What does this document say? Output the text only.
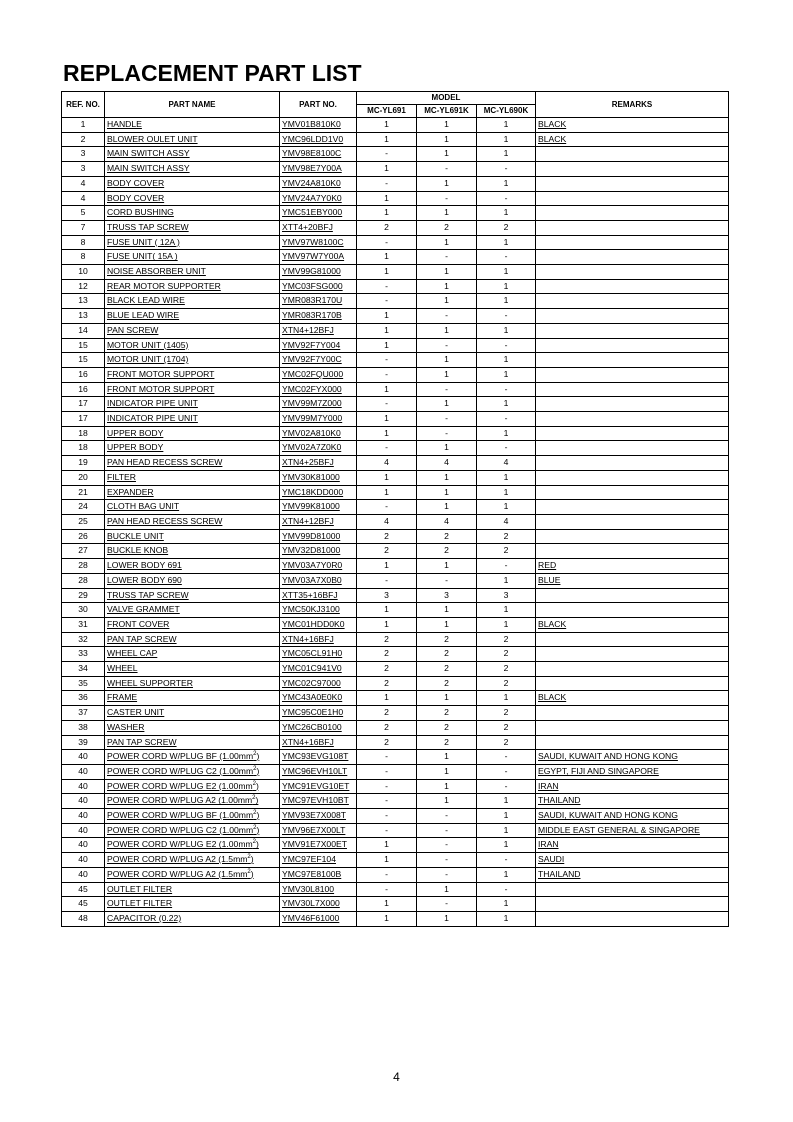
REPLACEMENT PART LIST
REF. NO.	PART NAME	PART NO.	MODEL			REMARKS
			MC-YL691	MC-YL691K	MC-YL690K	
1	HANDLE	YMV01B810K0	1	1	1	BLACK
2	BLOWER OULET UNIT	YMC96LDD1V0	1	1	1	BLACK
3	MAIN SWITCH ASSY	YMV98E8100C	-	1	1	
3	MAIN SWITCH ASSY	YMV98E7Y00A	1	-	-	
4	BODY COVER	YMV24A810K0	-	1	1	
4	BODY COVER	YMV24A7Y0K0	1	-	-	
5	CORD BUSHING	YMC51EBY000	1	1	1	
7	TRUSS TAP SCREW	XTT4+20BFJ	2	2	2	
8	FUSE UNIT ( 12A )	YMV97W8100C	-	1	1	
8	FUSE UNIT( 15A )	YMV97W7Y00A	1	-	-	
10	NOISE ABSORBER UNIT	YMV99G81000	1	1	1	
12	REAR MOTOR SUPPORTER	YMC03FSG000	-	1	1	
13	BLACK LEAD WIRE	YMR083R170U	-	1	1	
13	BLUE LEAD WIRE	YMR083R170B	1	-	-	
14	PAN SCREW	XTN4+12BFJ	1	1	1	
15	MOTOR UNIT (1405)	YMV92F7Y004	1	-	-	
15	MOTOR UNIT (1704)	YMV92F7Y00C	-	1	1	
16	FRONT MOTOR SUPPORT	YMC02FQU000	-	1	1	
16	FRONT MOTOR SUPPORT	YMC02FYX000	1	-	-	
17	INDICATOR PIPE UNIT	YMV99M7Z000	-	1	1	
17	INDICATOR PIPE UNIT	YMV99M7Y000	1	-	-	
18	UPPER BODY	YMV02A810K0	1	-	1	
18	UPPER BODY	YMV02A7Z0K0	-	1	-	
19	PAN HEAD RECESS SCREW	XTN4+25BFJ	4	4	4	
20	FILTER	YMV30K81000	1	1	1	
21	EXPANDER	YMC18KDD000	1	1	1	
24	CLOTH BAG UNIT	YMV99K81000	-	1	1	
25	PAN HEAD RECESS SCREW	XTN4+12BFJ	4	4	4	
26	BUCKLE UNIT	YMV99D81000	2	2	2	
27	BUCKLE KNOB	YMV32D81000	2	2	2	
28	LOWER BODY 691	YMV03A7Y0R0	1	1	-	RED
28	LOWER BODY 690	YMV03A7X0B0	-	-	1	BLUE
29	TRUSS TAP SCREW	XTT35+16BFJ	3	3	3	
30	VALVE GRAMMET	YMC50KJ3100	1	1	1	
31	FRONT COVER	YMC01HDD0K0	1	1	1	BLACK
32	PAN TAP SCREW	XTN4+16BFJ	2	2	2	
33	WHEEL CAP	YMC05CL91H0	2	2	2	
34	WHEEL	YMC01C941V0	2	2	2	
35	WHEEL SUPPORTER	YMC02C97000	2	2	2	
36	FRAME	YMC43A0E0K0	1	1	1	BLACK
37	CASTER UNIT	YMC95C0E1H0	2	2	2	
38	WASHER	YMC26CB0100	2	2	2	
39	PAN TAP SCREW	XTN4+16BFJ	2	2	2	
40	POWER CORD W/PLUG BF $(1.00mm^2)$	YMC93EVG108T	-	1	-	SAUDI, KUWAIT AND HONG KONG
40	POWER CORD W/PLUG C2 $(1.00mm^2)$	YMC96EVH10LT	-	1	-	EGYPT, FIJI AND SINGAPORE
40	POWER CORD W/PLUG E2 $(1.00mm^2)$	YMC91EVG10ET	-	1	-	IRAN
40	POWER CORD W/PLUG A2 $(1.00mm^2)$	YMC97EVH10BT	-	1	1	THAILAND
40	POWER CORD W/PLUG BF $(1.00mm^2)$	YMV93E7X008T	-	-	1	SAUDI, KUWAIT AND HONG KONG
40	POWER CORD W/PLUG C2 $(1.00mm^2)$	YMV96E7X00LT	-	-	1	MIDDLE EAST GENERAL & SINGAPORE
40	POWER CORD W/PLUG E2 $(1.00mm^2)$	YMV91E7X00ET	1	-	1	IRAN
40	POWER CORD W/PLUG A2 $(1.5mm^2)$	YMC97EF104	1	-	-	SAUDI
40	POWER CORD W/PLUG A2 $(1.5mm^2)$	YMC97E8100B	-	-	1	THAILAND
45	OUTLET FILTER	YMV30L8100	-	1	-	
45	OUTLET FILTER	YMV30L7X000	1	-	1	
48	CAPACITOR (0.22)	YMV46F61000	1	1	1	
4
